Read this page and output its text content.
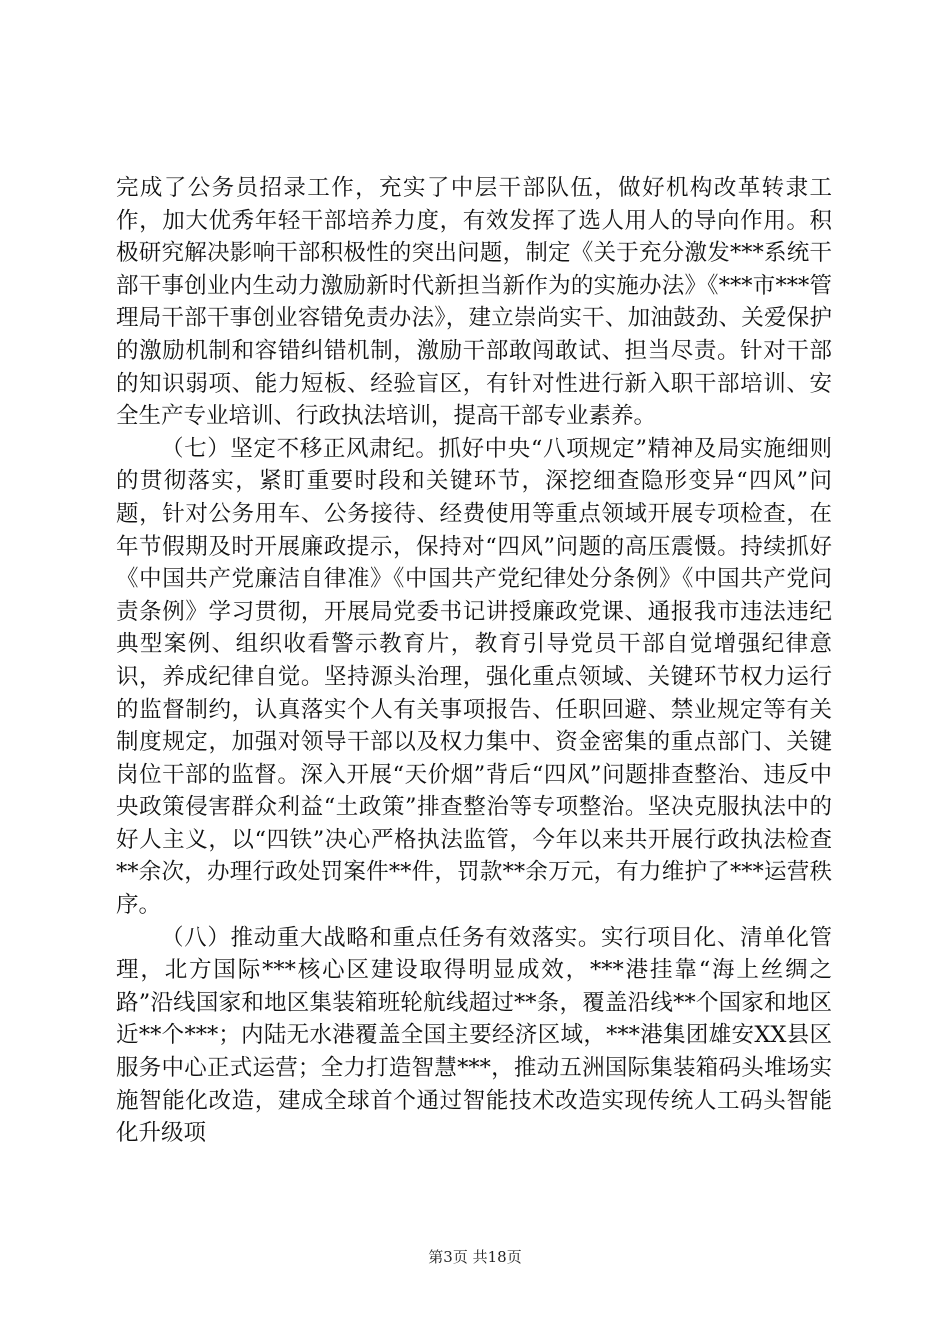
完成了公务员招录工作，充实了中层干部队伍，做好机构改革转隶工作，加大优秀年轻干部培养力度，有效发挥了选人用人的导向作用。积极研究解决影响干部积极性的突出问题，制定《关于充分激发***系统干部干事创业内生动力激励新时代新担当新作为的实施办法》《***市***管理局干部干事创业容错免责办法》，建立崇尚实干、加油鼓劲、关爱保护的激励机制和容错纠错机制，激励干部敢闯敢试、担当尽责。针对干部的知识弱项、能力短板、经验盲区，有针对性进行新入职干部培训、安全生产专业培训、行政执法培训，提高干部专业素养。

（七）坚定不移正风肃纪。抓好中央“八项规定”精神及局实施细则的贯彻落实，紧盯重要时段和关键环节，深挖细查隐形变异“四风”问题，针对公务用车、公务接待、经费使用等重点领域开展专项检查，在年节假期及时开展廉政提示，保持对“四风”问题的高压震慑。持续抓好《中国共产党廉洁自律准》《中国共产党纪律处分条例》《中国共产党问责条例》学习贯彻，开展局党委书记讲授廉政党课、通报我市违法违纪典型案例、组织收看警示教育片，教育引导党员干部自觉增强纪律意识，养成纪律自觉。坚持源头治理，强化重点领域、关键环节权力运行的监督制约，认真落实个人有关事项报告、任职回避、禁业规定等有关制度规定，加强对领导干部以及权力集中、资金密集的重点部门、关键岗位干部的监督。深入开展“天价烟”背后“四风”问题排查整治、违反中央政策侵害群众利益“土政策”排查整治等专项整治。坚决克服执法中的好人主义，以“四铁”决心严格执法监管，今年以来共开展行政执法检查**余次，办理行政处罚案件**件，罚款**余万元，有力维护了***运营秩序。

（八）推动重大战略和重点任务有效落实。实行项目化、清单化管理，北方国际***核心区建设取得明显成效，***港挂靠“海上丝绸之路”沿线国家和地区集装箱班轮航线超过**条，覆盖沿线**个国家和地区近**个***；内陆无水港覆盖全国主要经济区域，***港集团雄安XX县区服务中心正式运营；全力打造智慧***，推动五洲国际集装箱码头堆场实施智能化改造，建成全球首个通过智能技术改造实现传统人工码头智能化升级项

第3页 共18页
